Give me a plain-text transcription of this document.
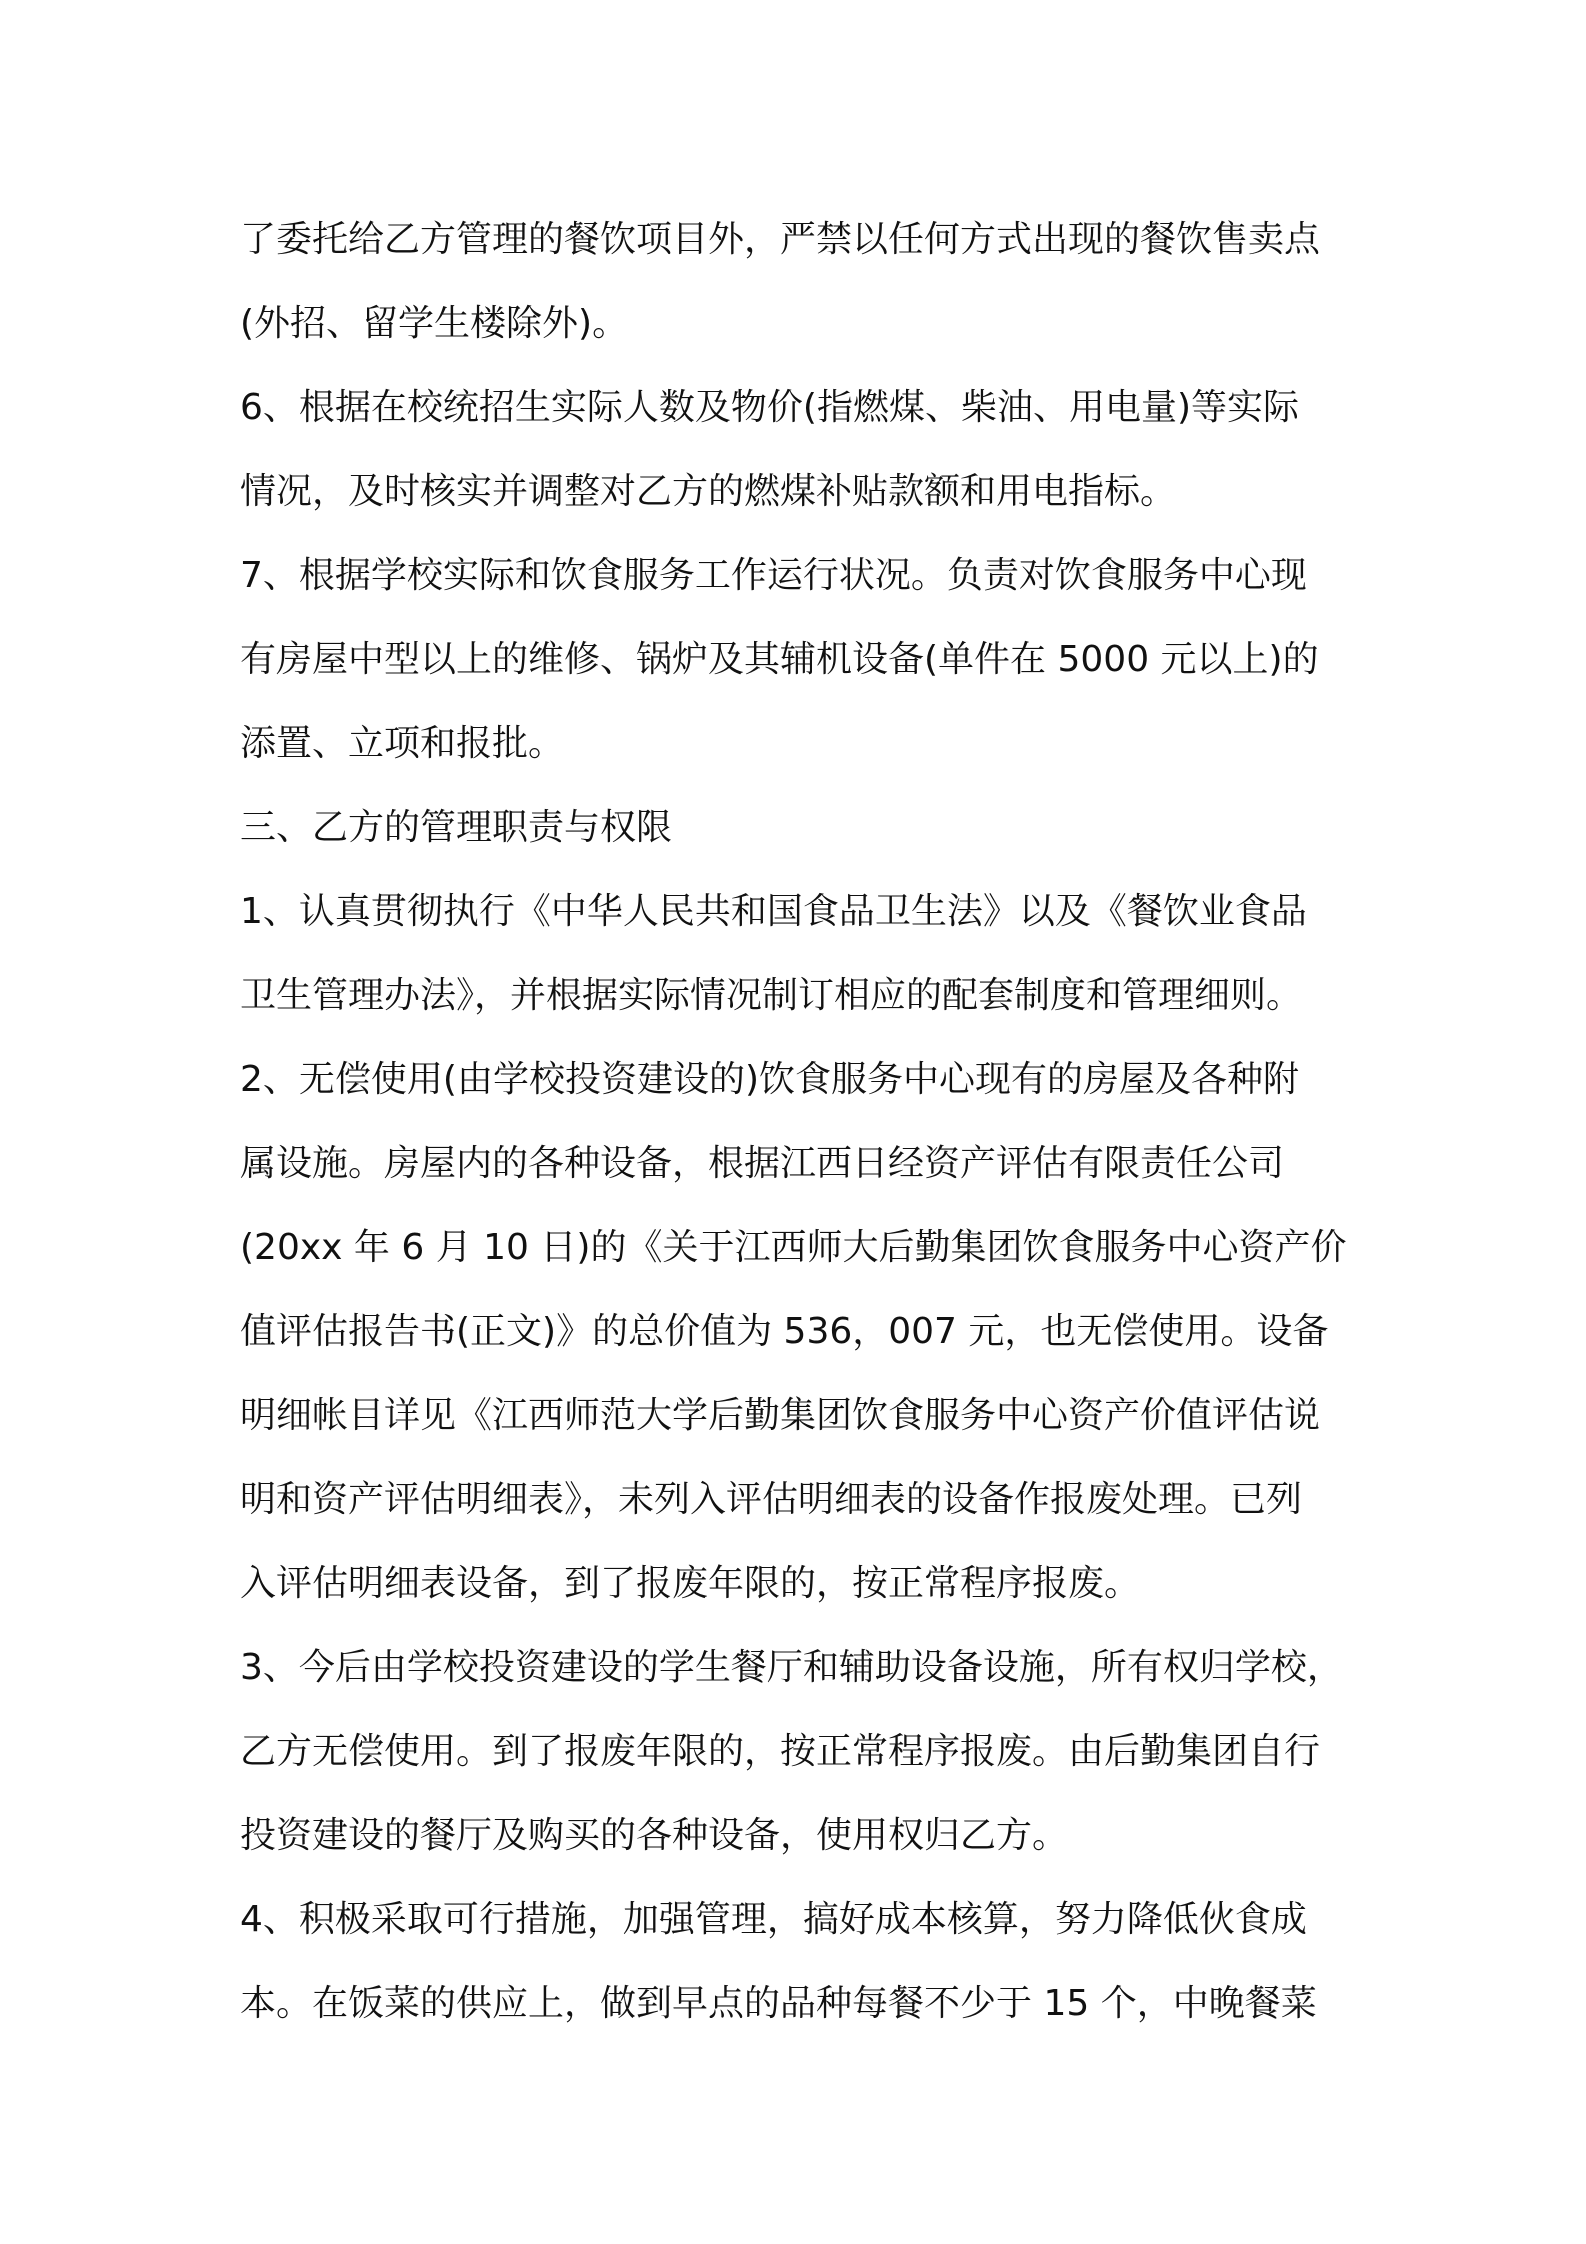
了委托给乙方管理的餐饮项目外，严禁以任何方式出现的餐饮售卖点
(外招、留学生楼除外)。
6、根据在校统招生实际人数及物价(指燃煤、柴油、用电量)等实际
情况，及时核实并调整对乙方的燃煤补贴款额和用电指标。
7、根据学校实际和饮食服务工作运行状况。负责对饮食服务中心现
有房屋中型以上的维修、锅炉及其辅机设备(单件在 5000 元以上)的
添置、立项和报批。
三、乙方的管理职责与权限
1、认真贯彻执行《中华人民共和国食品卫生法》以及《餐饮业食品
卫生管理办法》，并根据实际情况制订相应的配套制度和管理细则。
2、无偿使用(由学校投资建设的)饮食服务中心现有的房屋及各种附
属设施。房屋内的各种设备，根据江西日经资产评估有限责任公司
(20xx 年 6 月 10 日)的《关于江西师大后勤集团饮食服务中心资产价
值评估报告书(正文)》的总价值为 536，007 元，也无偿使用。设备
明细帐目详见《江西师范大学后勤集团饮食服务中心资产价值评估说
明和资产评估明细表》，未列入评估明细表的设备作报废处理。已列
入评估明细表设备，到了报废年限的，按正常程序报废。
3、今后由学校投资建设的学生餐厅和辅助设备设施，所有权归学校，
乙方无偿使用。到了报废年限的，按正常程序报废。由后勤集团自行
投资建设的餐厅及购买的各种设备，使用权归乙方。
4、积极采取可行措施，加强管理，搞好成本核算，努力降低伙食成
本。在饭菜的供应上，做到早点的品种每餐不少于 15 个，中晚餐菜
